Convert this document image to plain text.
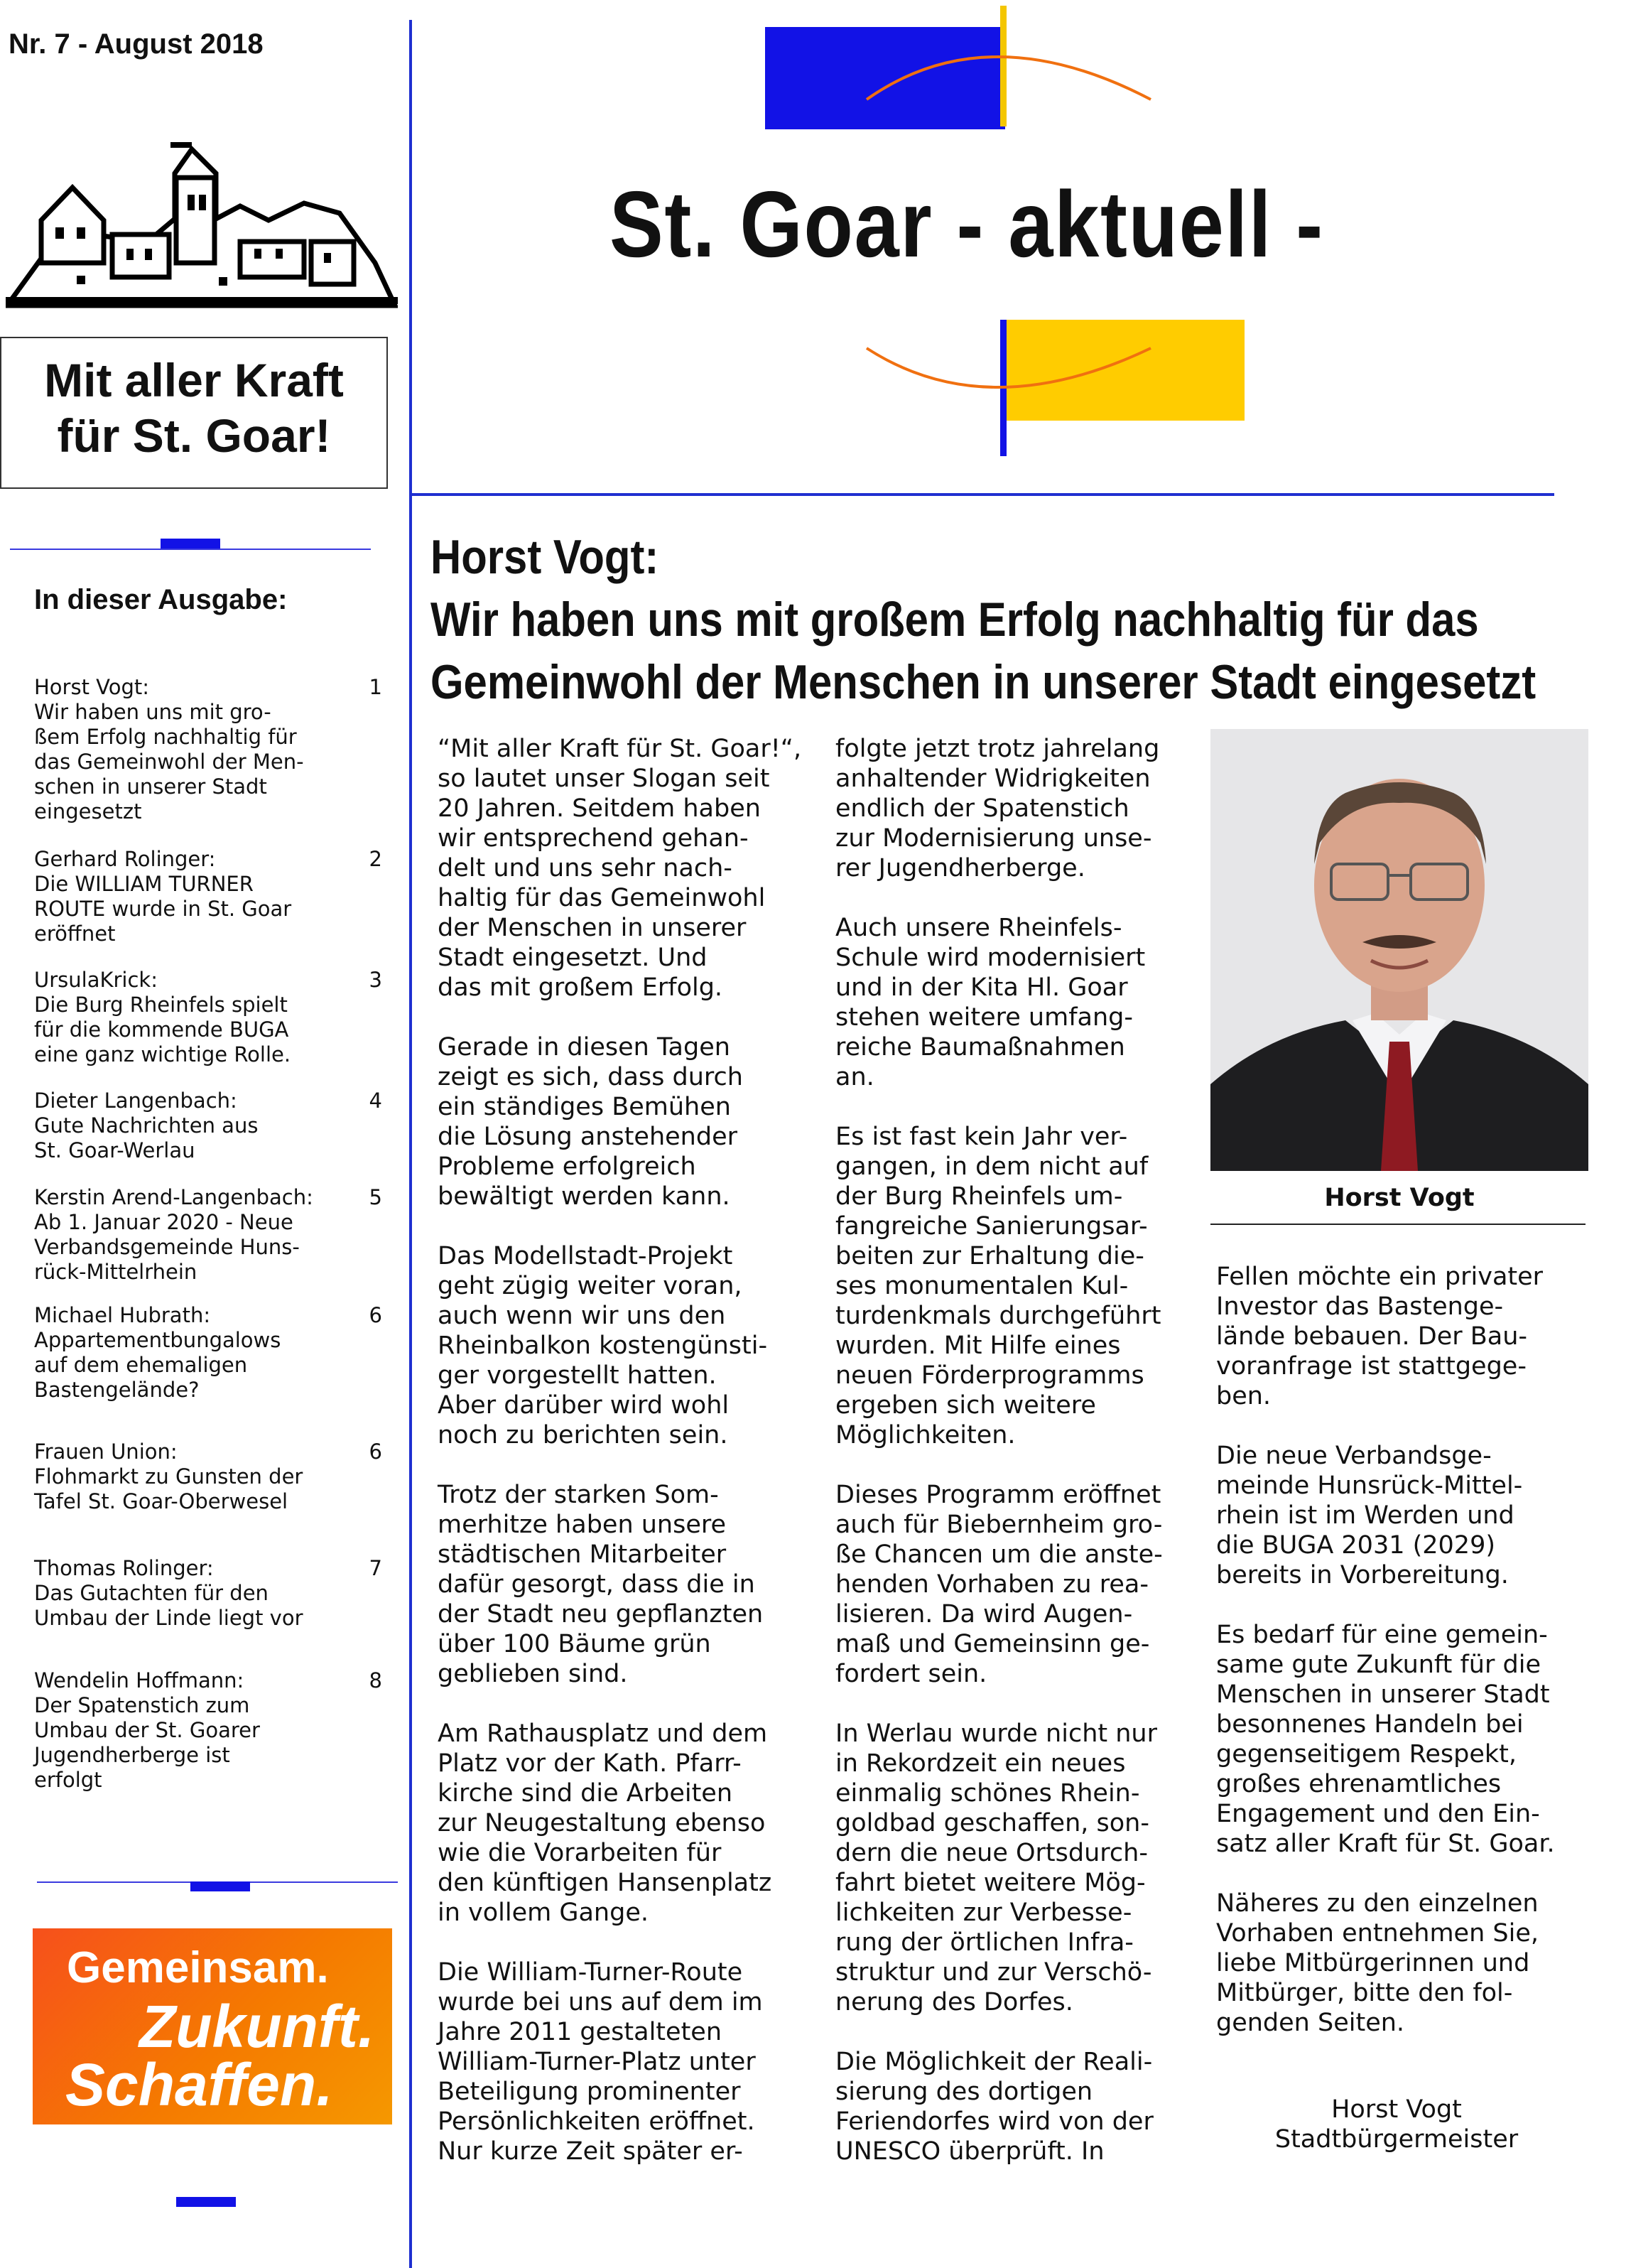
Nr. 7 - August 2018
St. Goar - aktuell -
Mit aller Kraft
für St. Goar!
In dieser Ausgabe:
Horst Vogt:
Wir haben uns mit gro-
ßem Erfolg nachhaltig für
das Gemeinwohl der Men-
schen in unserer Stadt
eingesetzt
1
Gerhard Rolinger:
Die WILLIAM TURNER
ROUTE wurde in St. Goar
eröffnet
2
UrsulaKrick:
Die Burg Rheinfels spielt
für die kommende BUGA
eine ganz wichtige Rolle.
3
Dieter Langenbach:
Gute Nachrichten aus
St. Goar-Werlau
4
Kerstin Arend-Langenbach:
Ab 1. Januar 2020 - Neue
Verbandsgemeinde Huns-
rück-Mittelrhein
5
Michael Hubrath:
Appartementbungalows
auf dem ehemaligen
Bastengelände?
6
Frauen Union:
Flohmarkt zu Gunsten der
Tafel St. Goar-Oberwesel
6
Thomas Rolinger:
Das Gutachten für den
Umbau der Linde liegt vor
7
Wendelin Hoffmann:
Der Spatenstich zum
Umbau der St. Goarer
Jugendherberge ist
erfolgt
8
Gemeinsam.
Zukunft.
Schaffen.
Horst Vogt:
Wir haben uns mit großem Erfolg nachhaltig für das
Gemeinwohl der Menschen in unserer Stadt eingesetzt
“Mit aller Kraft für St. Goar!“,
so lautet unser Slogan seit
20 Jahren. Seitdem haben
wir entsprechend gehan-
delt und uns sehr nach-
haltig für das Gemeinwohl
der Menschen in unserer
Stadt eingesetzt. Und
das mit großem Erfolg.
Gerade in diesen Tagen
zeigt es sich, dass durch
ein ständiges Bemühen
die Lösung anstehender
Probleme erfolgreich
bewältigt werden kann.
Das Modellstadt-Projekt
geht zügig weiter voran,
auch wenn wir uns den
Rheinbalkon kostengünsti-
ger vorgestellt hatten.
Aber darüber wird wohl
noch zu berichten sein.
Trotz der starken Som-
merhitze haben unsere
städtischen Mitarbeiter
dafür gesorgt, dass die in
der Stadt neu gepflanzten
über 100 Bäume grün
geblieben sind.
Am Rathausplatz und dem
Platz vor der Kath. Pfarr-
kirche sind die Arbeiten
zur Neugestaltung ebenso
wie die Vorarbeiten für
den künftigen Hansenplatz
in vollem Gange.
Die William-Turner-Route
wurde bei uns auf dem im
Jahre 2011 gestalteten
William-Turner-Platz unter
Beteiligung prominenter
Persönlichkeiten eröffnet.
Nur kurze Zeit später er-
folgte jetzt trotz jahrelang
anhaltender Widrigkeiten
endlich der Spatenstich
zur Modernisierung unse-
rer Jugendherberge.
Auch unsere Rheinfels-
Schule wird modernisiert
und in der Kita Hl. Goar
stehen weitere umfang-
reiche Baumaßnahmen
an.
Es ist fast kein Jahr ver-
gangen, in dem nicht auf
der Burg Rheinfels um-
fangreiche Sanierungsar-
beiten zur Erhaltung die-
ses monumentalen Kul-
turdenkmals durchgeführt
wurden. Mit Hilfe eines
neuen Förderprogramms
ergeben sich weitere
Möglichkeiten.
Dieses Programm eröffnet
auch für Biebernheim gro-
ße Chancen um die anste-
henden Vorhaben zu rea-
lisieren. Da wird Augen-
maß und Gemeinsinn ge-
fordert sein.
In Werlau wurde nicht nur
in Rekordzeit ein neues
einmalig schönes Rhein-
goldbad geschaffen, son-
dern die neue Ortsdurch-
fahrt bietet weitere Mög-
lichkeiten zur Verbesse-
rung der örtlichen Infra-
struktur und zur Verschö-
nerung des Dorfes.
Die Möglichkeit der Reali-
sierung des dortigen
Feriendorfes wird von der
UNESCO überprüft. In
Horst Vogt
Fellen möchte ein privater
Investor das Bastenge-
lände bebauen. Der Bau-
voranfrage ist stattgege-
ben.
Die neue Verbandsge-
meinde Hunsrück-Mittel-
rhein ist im Werden und
die BUGA 2031 (2029)
bereits in Vorbereitung.
Es bedarf für eine gemein-
same gute Zukunft für die
Menschen in unserer Stadt
besonnenes Handeln bei
gegenseitigem Respekt,
großes ehrenamtliches
Engagement und den Ein-
satz aller Kraft für St. Goar.
Näheres zu den einzelnen
Vorhaben entnehmen Sie,
liebe Mitbürgerinnen und
Mitbürger, bitte den fol-
genden Seiten.
Horst Vogt
Stadtbürgermeister
